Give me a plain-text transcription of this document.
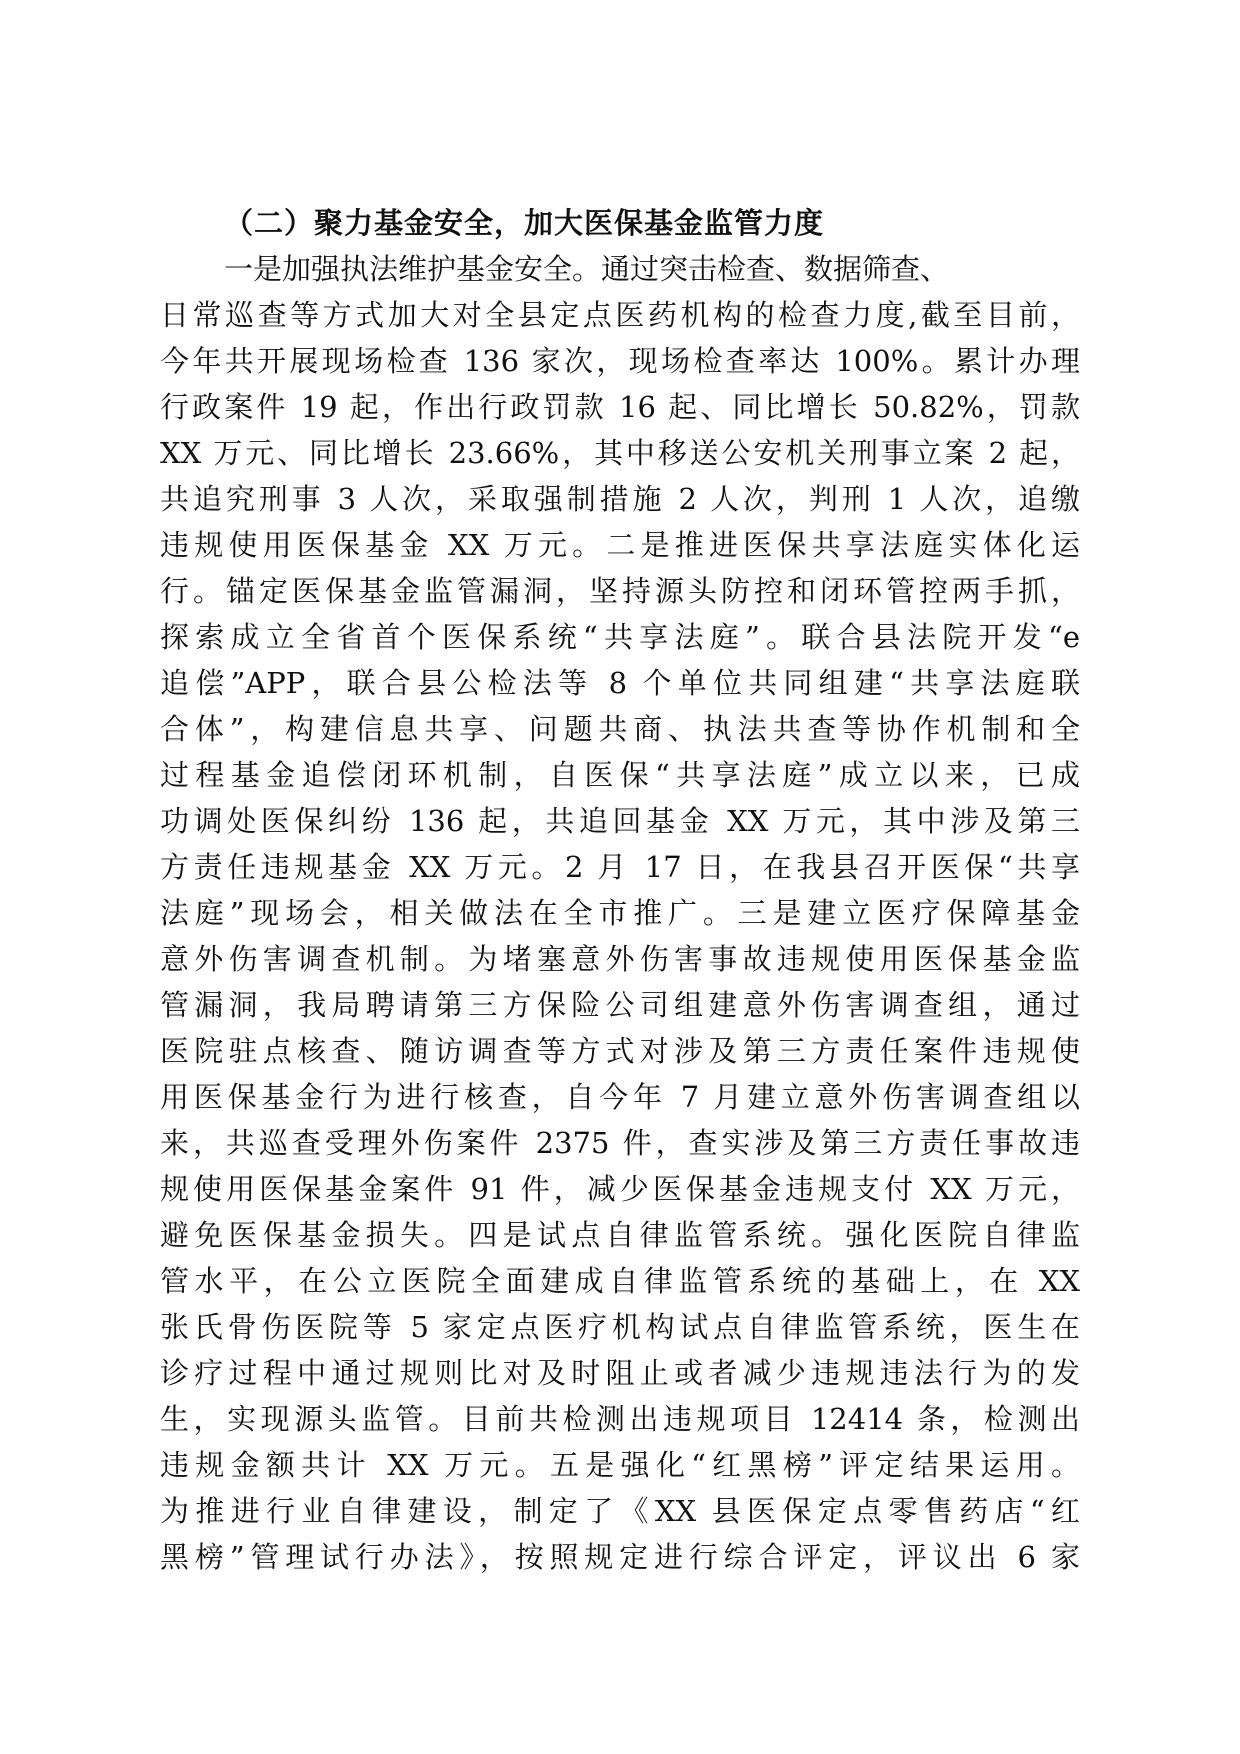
（二）聚力基金安全，加大医保基金监管力度
一是加强执法维护基金安全。通过突击检查、数据筛查、
日常巡查等方式加大对全县定点医药机构的检查力度,截至目前，
今年共开展现场检查 136 家次，现场检查率达 100%。累计办理
行政案件 19 起，作出行政罚款 16 起、同比增长 50.82%，罚款
XX 万元、同比增长 23.66%，其中移送公安机关刑事立案 2 起，
共追究刑事 3 人次，采取强制措施 2 人次，判刑 1 人次，追缴
违规使用医保基金 XX 万元。二是推进医保共享法庭实体化运
行。锚定医保基金监管漏洞，坚持源头防控和闭环管控两手抓，
探索成立全省首个医保系统“共享法庭”。联合县法院开发“e
追偿”APP，联合县公检法等 8 个单位共同组建“共享法庭联
合体”，构建信息共享、问题共商、执法共查等协作机制和全
过程基金追偿闭环机制，自医保“共享法庭”成立以来，已成
功调处医保纠纷 136 起，共追回基金 XX 万元，其中涉及第三
方责任违规基金 XX 万元。2 月 17 日，在我县召开医保“共享
法庭”现场会，相关做法在全市推广。三是建立医疗保障基金
意外伤害调查机制。为堵塞意外伤害事故违规使用医保基金监
管漏洞，我局聘请第三方保险公司组建意外伤害调查组，通过
医院驻点核查、随访调查等方式对涉及第三方责任案件违规使
用医保基金行为进行核查，自今年 7 月建立意外伤害调查组以
来，共巡查受理外伤案件 2375 件，查实涉及第三方责任事故违
规使用医保基金案件 91 件，减少医保基金违规支付 XX 万元，
避免医保基金损失。四是试点自律监管系统。强化医院自律监
管水平，在公立医院全面建成自律监管系统的基础上，在 XX
张氏骨伤医院等 5 家定点医疗机构试点自律监管系统，医生在
诊疗过程中通过规则比对及时阻止或者减少违规违法行为的发
生，实现源头监管。目前共检测出违规项目 12414 条，检测出
违规金额共计 XX 万元。五是强化“红黑榜”评定结果运用。
为推进行业自律建设，制定了《XX 县医保定点零售药店“红
黑榜”管理试行办法》，按照规定进行综合评定，评议出 6 家
